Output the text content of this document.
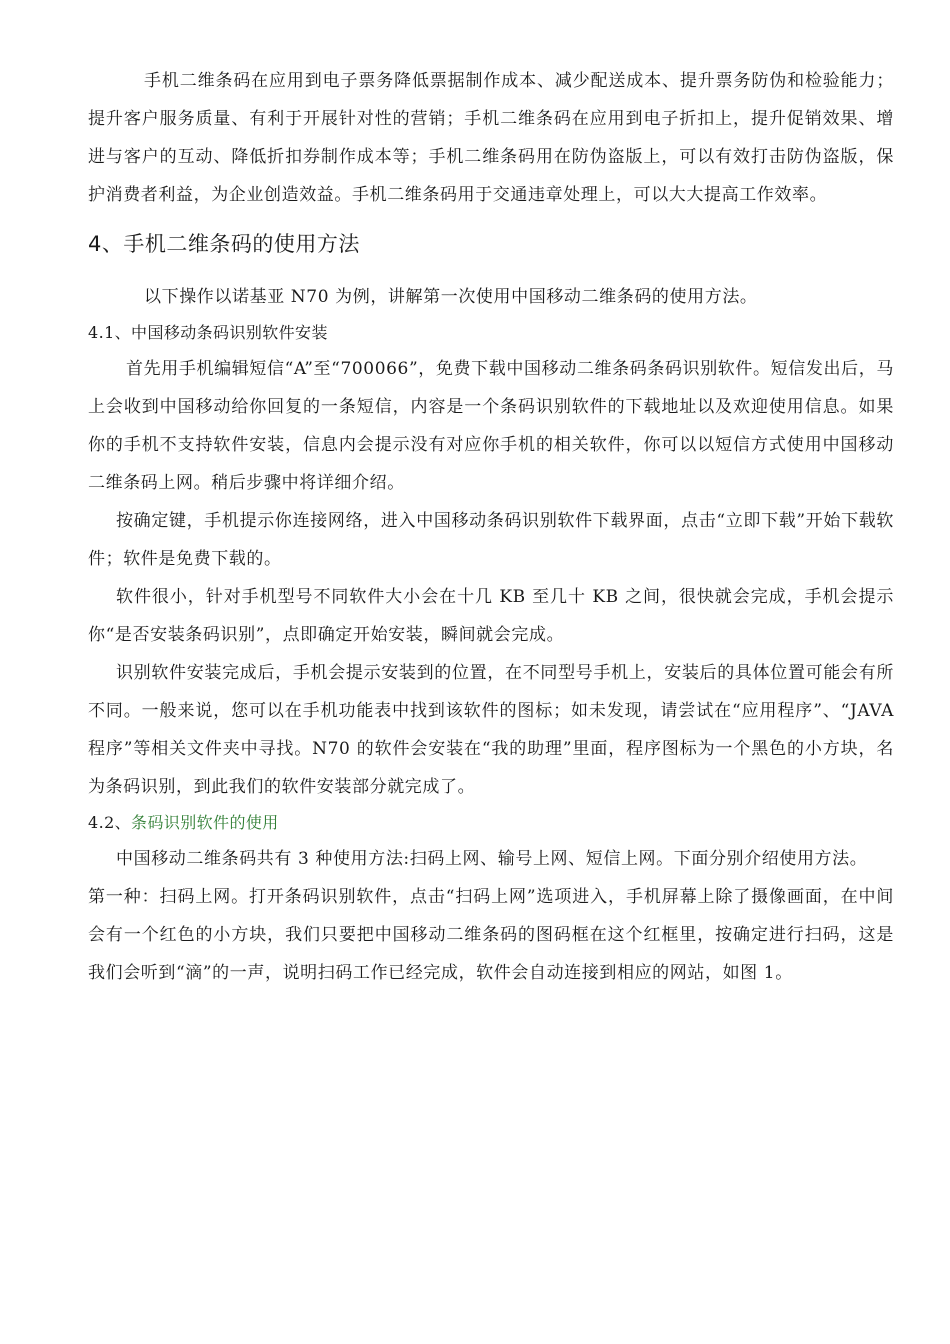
手机二维条码在应用到电子票务降低票据制作成本、减少配送成本、提升票务防伪和检验能力；提升客户服务质量、有利于开展针对性的营销；手机二维条码在应用到电子折扣上，提升促销效果、增进与客户的互动、降低折扣券制作成本等；手机二维条码用在防伪盗版上，可以有效打击防伪盗版，保护消费者利益，为企业创造效益。手机二维条码用于交通违章处理上，可以大大提高工作效率。

4、手机二维条码的使用方法

以下操作以诺基亚 N70 为例，讲解第一次使用中国移动二维条码的使用方法。

4.1、中国移动条码识别软件安装

首先用手机编辑短信“A”至“700066”，免费下载中国移动二维条码条码识别软件。短信发出后，马上会收到中国移动给你回复的一条短信，内容是一个条码识别软件的下载地址以及欢迎使用信息。如果你的手机不支持软件安装，信息内会提示没有对应你手机的相关软件，你可以以短信方式使用中国移动二维条码上网。稍后步骤中将详细介绍。

按确定键，手机提示你连接网络，进入中国移动条码识别软件下载界面，点击“立即下载”开始下载软件；软件是免费下载的。

软件很小，针对手机型号不同软件大小会在十几 KB 至几十 KB 之间，很快就会完成，手机会提示你“是否安装条码识别”，点即确定开始安装，瞬间就会完成。

识别软件安装完成后，手机会提示安装到的位置，在不同型号手机上，安装后的具体位置可能会有所不同。一般来说，您可以在手机功能表中找到该软件的图标；如未发现，请尝试在“应用程序”、“JAVA 程序”等相关文件夹中寻找。N70 的软件会安装在“我的助理”里面，程序图标为一个黑色的小方块，名为条码识别，到此我们的软件安装部分就完成了。

4.2、条码识别软件的使用

中国移动二维条码共有 3 种使用方法:扫码上网、输号上网、短信上网。下面分别介绍使用方法。

第一种：扫码上网。打开条码识别软件，点击“扫码上网”选项进入，手机屏幕上除了摄像画面，在中间会有一个红色的小方块，我们只要把中国移动二维条码的图码框在这个红框里，按确定进行扫码，这是我们会听到“滴”的一声，说明扫码工作已经完成，软件会自动连接到相应的网站，如图 1。
